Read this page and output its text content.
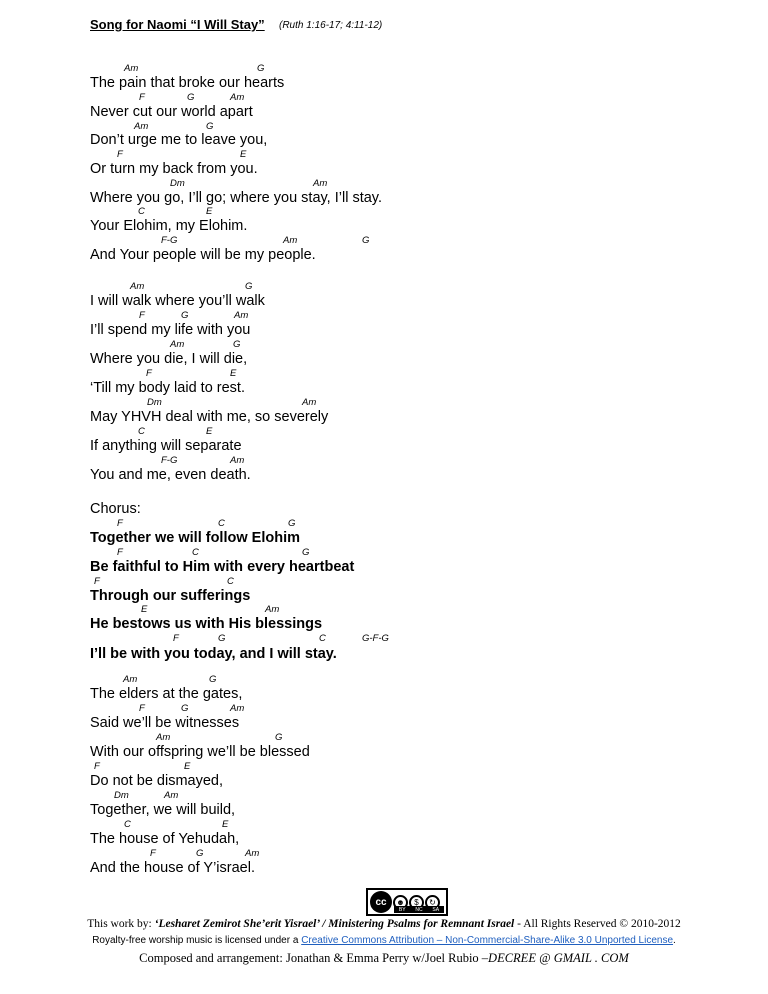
Song for Naomi “I Will Stay” (Ruth 1:16-17; 4:11-12)
Am	G
The pain that broke our hearts
F	G	Am
Never cut our world apart
Am	G
Don’t urge me to leave you,
F	E
Or turn my back from you.
Dm	Am
Where you go, I’ll go; where you stay, I’ll stay.
C	E
Your Elohim, my Elohim.
F-G	Am	G
And Your people will be my people.
Am	G
I will walk where you’ll walk
F	G	Am
I’ll spend my life with you
Am	G
Where you die, I will die,
F	E
‘Till my body laid to rest.
Dm	Am
May YHVH deal with me, so severely
C	E
If anything will separate
F-G	Am
You and me, even death.
Chorus:
F	C	G
Together we will follow Elohim
F	C	G
Be faithful to Him with every heartbeat
F	C
Through our sufferings
E	Am
He bestows us with His blessings
F	G	C	G-F-G
I’ll be with you today, and I will stay.
Am	G
The elders at the gates,
F	G	Am
Said we’ll be witnesses
Am	G
With our offspring we’ll be blessed
F	E
Do not be dismayed,
Dm	Am
Together, we will build,
C	E
The house of Yehudah,
F	G	Am
And the house of Y’israel.
cc	☻	$	↻
BY NC SA
This work by: ‘Lesharet Zemirot She’erit Yisrael’ / Ministering Psalms for Remnant Israel - All Rights Reserved © 2010-2012
Royalty-free worship music is licensed under a Creative Commons Attribution – Non-Commercial-Share-Alike 3.0 Unported License.
Composed and arrangement: Jonathan & Emma Perry w/Joel Rubio –DECREE @ GMAIL . COM
